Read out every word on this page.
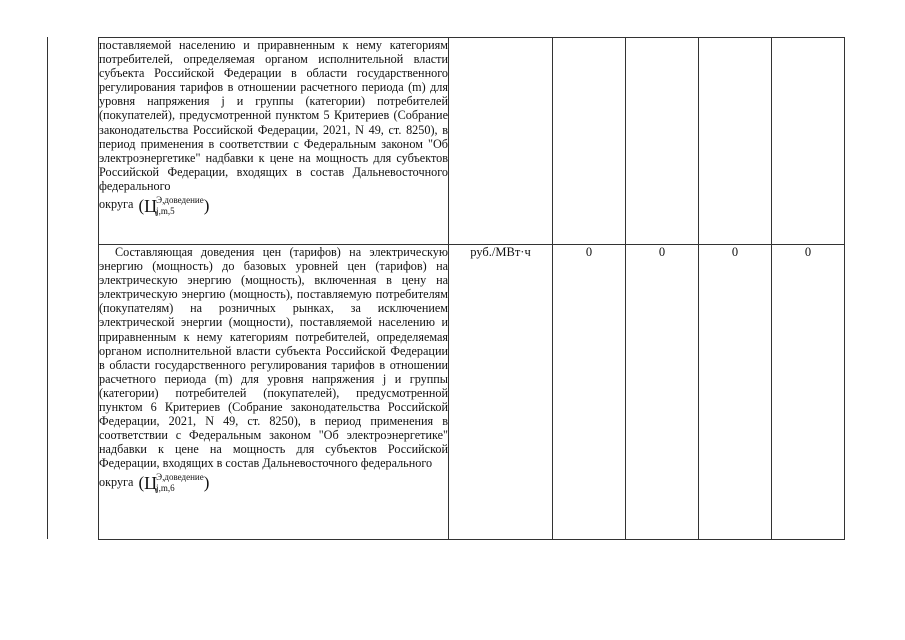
поставляемой населению и приравненным к нему категориям потребителей, определяемая органом исполнительной власти субъекта Российской Федерации в области государственного регулирования тарифов в отношении расчетного периода (m) для уровня напряжения j и группы (категории) потребителей (покупателей), предусмотренной пунктом 5 Критериев (Собрание законодательства Российской Федерации, 2021, N 49, ст. 8250), в период применения в соответствии с Федеральным законом "Об электроэнергетике" надбавки к цене на мощность для субъектов Российской Федерации, входящих в состав Дальневосточного федерального

округа (Ц Э,доведение
j,m,5 )					

Составляющая доведения цен (тарифов) на электрическую энергию (мощность) до базовых уровней цен (тарифов) на электрическую энергию (мощность), включенная в цену на электрическую энергию (мощность), поставляемую потребителям (покупателям) на розничных рынках, за исключением электрической энергии (мощности), поставляемой населению и приравненным к нему категориям потребителей, определяемая органом исполнительной власти субъекта Российской Федерации в области государственного регулирования тарифов в отношении расчетного периода (m) для уровня напряжения j и группы (категории) потребителей (покупателей), предусмотренной пунктом 6 Критериев (Собрание законодательства Российской Федерации, 2021, N 49, ст. 8250), в период применения в соответствии с Федеральным законом "Об электроэнергетике" надбавки к цене на мощность для субъектов Российской Федерации, входящих в состав Дальневосточного федерального

округа (Ц Э,доведение
j,m,6 )	руб./МВт·ч	0	0	0	0
